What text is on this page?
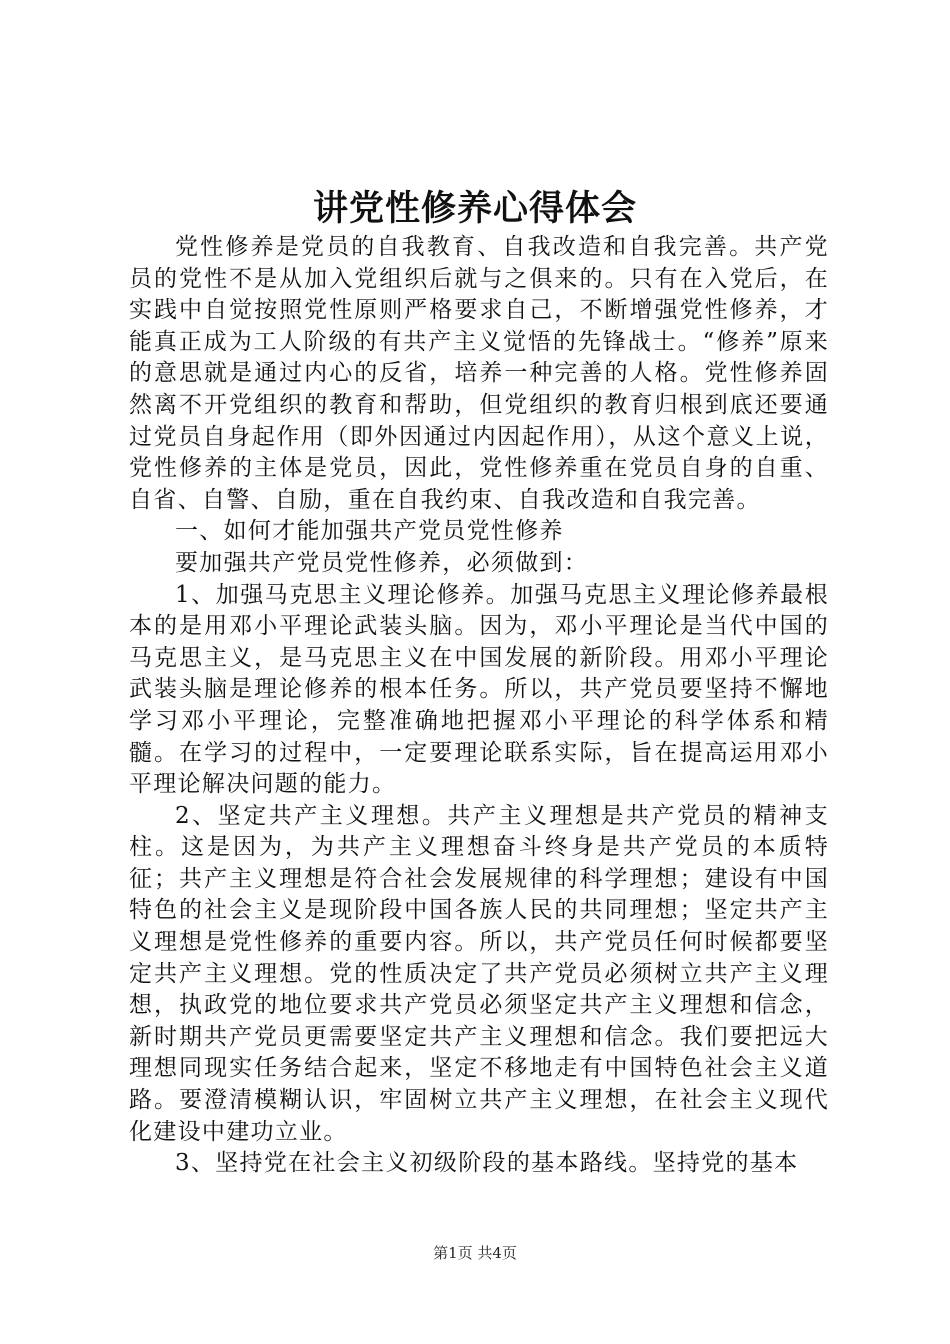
讲党性修养心得体会

党性修养是党员的自我教育、自我改造和自我完善。共产党员的党性不是从加入党组织后就与之俱来的。只有在入党后，在实践中自觉按照党性原则严格要求自己，不断增强党性修养，才能真正成为工人阶级的有共产主义觉悟的先锋战士。“修养”原来的意思就是通过内心的反省，培养一种完善的人格。党性修养固然离不开党组织的教育和帮助，但党组织的教育归根到底还要通过党员自身起作用（即外因通过内因起作用），从这个意义上说，党性修养的主体是党员，因此，党性修养重在党员自身的自重、自省、自警、自励，重在自我约束、自我改造和自我完善。

一、如何才能加强共产党员党性修养

要加强共产党员党性修养，必须做到：

1、加强马克思主义理论修养。加强马克思主义理论修养最根本的是用邓小平理论武装头脑。因为，邓小平理论是当代中国的马克思主义，是马克思主义在中国发展的新阶段。用邓小平理论武装头脑是理论修养的根本任务。所以，共产党员要坚持不懈地学习邓小平理论，完整准确地把握邓小平理论的科学体系和精髓。在学习的过程中，一定要理论联系实际，旨在提高运用邓小平理论解决问题的能力。

2、坚定共产主义理想。共产主义理想是共产党员的精神支柱。这是因为，为共产主义理想奋斗终身是共产党员的本质特征；共产主义理想是符合社会发展规律的科学理想；建设有中国特色的社会主义是现阶段中国各族人民的共同理想；坚定共产主义理想是党性修养的重要内容。所以，共产党员任何时候都要坚定共产主义理想。党的性质决定了共产党员必须树立共产主义理想，执政党的地位要求共产党员必须坚定共产主义理想和信念，新时期共产党员更需要坚定共产主义理想和信念。我们要把远大理想同现实任务结合起来，坚定不移地走有中国特色社会主义道路。要澄清模糊认识，牢固树立共产主义理想，在社会主义现代化建设中建功立业。

3、坚持党在社会主义初级阶段的基本路线。坚持党的基本

第1页 共4页
